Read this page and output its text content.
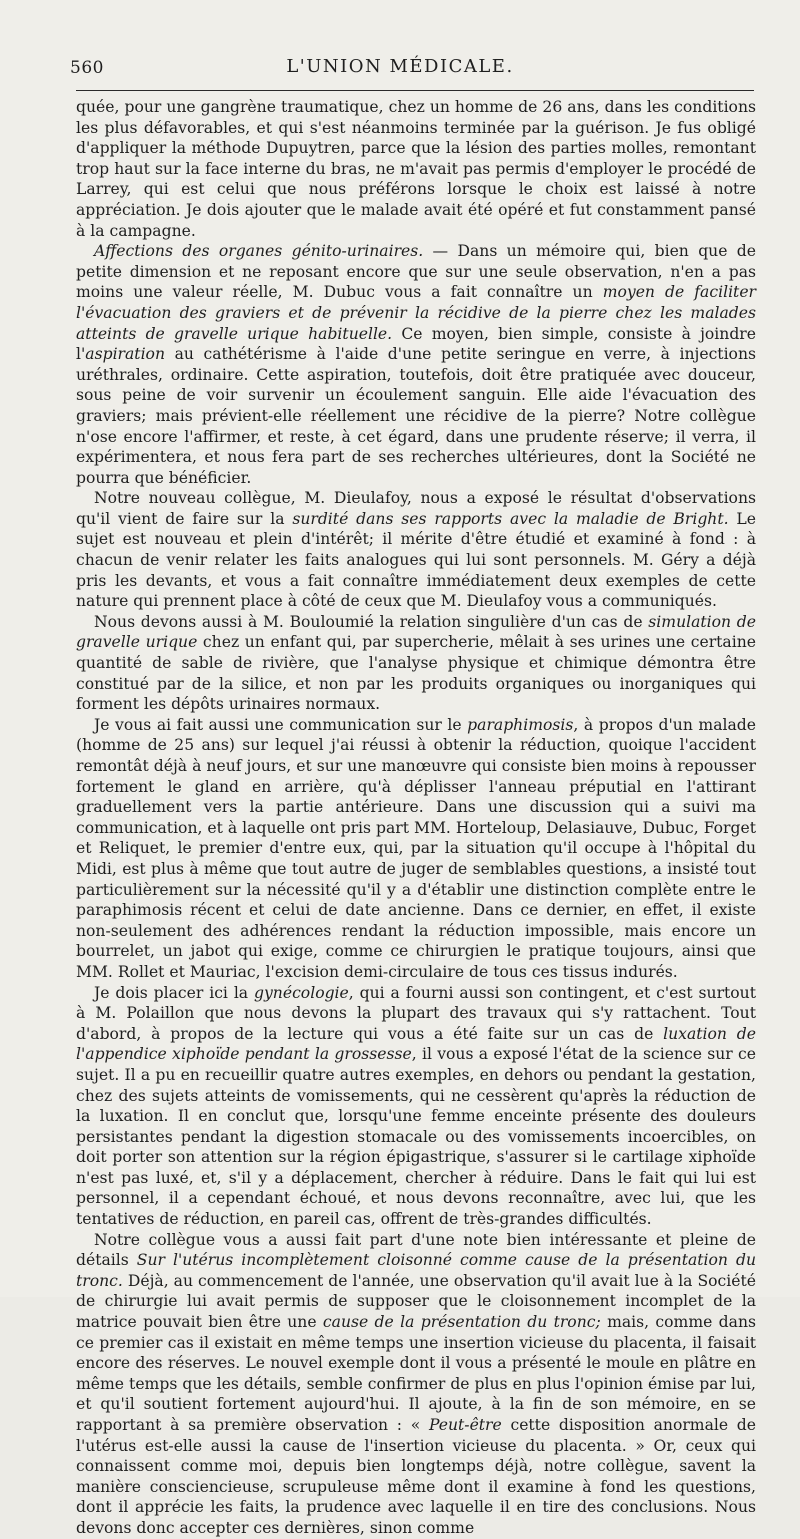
560	L'UNION MÉDICALE.

quée, pour une gangrène traumatique, chez un homme de 26 ans, dans les conditions les plus défavorables, et qui s'est néanmoins terminée par la guérison. Je fus obligé d'appliquer la méthode Dupuytren, parce que la lésion des parties molles, remontant trop haut sur la face interne du bras, ne m'avait pas permis d'employer le procédé de Larrey, qui est celui que nous préférons lorsque le choix est laissé à notre appréciation. Je dois ajouter que le malade avait été opéré et fut constamment pansé à la campagne.

Affections des organes génito-urinaires. — Dans un mémoire qui, bien que de petite dimension et ne reposant encore que sur une seule observation, n'en a pas moins une valeur réelle, M. Dubuc vous a fait connaître un moyen de faciliter l'évacuation des graviers et de prévenir la récidive de la pierre chez les malades atteints de gravelle urique habituelle. Ce moyen, bien simple, consiste à joindre l'aspiration au cathétérisme à l'aide d'une petite seringue en verre, à injections uréthrales, ordinaire. Cette aspiration, toutefois, doit être pratiquée avec douceur, sous peine de voir survenir un écoulement sanguin. Elle aide l'évacuation des graviers; mais prévient-elle réellement une récidive de la pierre? Notre collègue n'ose encore l'affirmer, et reste, à cet égard, dans une prudente réserve; il verra, il expérimentera, et nous fera part de ses recherches ultérieures, dont la Société ne pourra que bénéficier.

Notre nouveau collègue, M. Dieulafoy, nous a exposé le résultat d'observations qu'il vient de faire sur la surdité dans ses rapports avec la maladie de Bright. Le sujet est nouveau et plein d'intérêt; il mérite d'être étudié et examiné à fond : à chacun de venir relater les faits analogues qui lui sont personnels. M. Géry a déjà pris les devants, et vous a fait connaître immédiatement deux exemples de cette nature qui prennent place à côté de ceux que M. Dieulafoy vous a communiqués.

Nous devons aussi à M. Bouloumié la relation singulière d'un cas de simulation de gravelle urique chez un enfant qui, par supercherie, mêlait à ses urines une certaine quantité de sable de rivière, que l'analyse physique et chimique démontra être constitué par de la silice, et non par les produits organiques ou inorganiques qui forment les dépôts urinaires normaux.

Je vous ai fait aussi une communication sur le paraphimosis, à propos d'un malade (homme de 25 ans) sur lequel j'ai réussi à obtenir la réduction, quoique l'accident remontât déjà à neuf jours, et sur une manœuvre qui consiste bien moins à repousser fortement le gland en arrière, qu'à déplisser l'anneau préputial en l'attirant graduellement vers la partie antérieure. Dans une discussion qui a suivi ma communication, et à laquelle ont pris part MM. Horteloup, Delasiauve, Dubuc, Forget et Reliquet, le premier d'entre eux, qui, par la situation qu'il occupe à l'hôpital du Midi, est plus à même que tout autre de juger de semblables questions, a insisté tout particulièrement sur la nécessité qu'il y a d'établir une distinction complète entre le paraphimosis récent et celui de date ancienne. Dans ce dernier, en effet, il existe non-seulement des adhérences rendant la réduction impossible, mais encore un bourrelet, un jabot qui exige, comme ce chirurgien le pratique toujours, ainsi que MM. Rollet et Mauriac, l'excision demi-circulaire de tous ces tissus indurés.

Je dois placer ici la gynécologie, qui a fourni aussi son contingent, et c'est surtout à M. Polaillon que nous devons la plupart des travaux qui s'y rattachent. Tout d'abord, à propos de la lecture qui vous a été faite sur un cas de luxation de l'appendice xiphoïde pendant la grossesse, il vous a exposé l'état de la science sur ce sujet. Il a pu en recueillir quatre autres exemples, en dehors ou pendant la gestation, chez des sujets atteints de vomissements, qui ne cessèrent qu'après la réduction de la luxation. Il en conclut que, lorsqu'une femme enceinte présente des douleurs persistantes pendant la digestion stomacale ou des vomissements incoercibles, on doit porter son attention sur la région épigastrique, s'assurer si le cartilage xiphoïde n'est pas luxé, et, s'il y a déplacement, chercher à réduire. Dans le fait qui lui est personnel, il a cependant échoué, et nous devons reconnaître, avec lui, que les tentatives de réduction, en pareil cas, offrent de très-grandes difficultés.

Notre collègue vous a aussi fait part d'une note bien intéressante et pleine de détails Sur l'utérus incomplètement cloisonné comme cause de la présentation du tronc. Déjà, au commencement de l'année, une observation qu'il avait lue à la Société de chirurgie lui avait permis de supposer que le cloisonnement incomplet de la matrice pouvait bien être une cause de la présentation du tronc; mais, comme dans ce premier cas il existait en même temps une insertion vicieuse du placenta, il faisait encore des réserves. Le nouvel exemple dont il vous a présenté le moule en plâtre en même temps que les détails, semble confirmer de plus en plus l'opinion émise par lui, et qu'il soutient fortement aujourd'hui. Il ajoute, à la fin de son mémoire, en se rapportant à sa première observation : « Peut-être cette disposition anormale de l'utérus est-elle aussi la cause de l'insertion vicieuse du placenta. » Or, ceux qui connaissent comme moi, depuis bien longtemps déjà, notre collègue, savent la manière consciencieuse, scrupuleuse même dont il examine à fond les questions, dont il apprécie les faits, la prudence avec laquelle il en tire des conclusions. Nous devons donc accepter ces dernières, sinon comme
